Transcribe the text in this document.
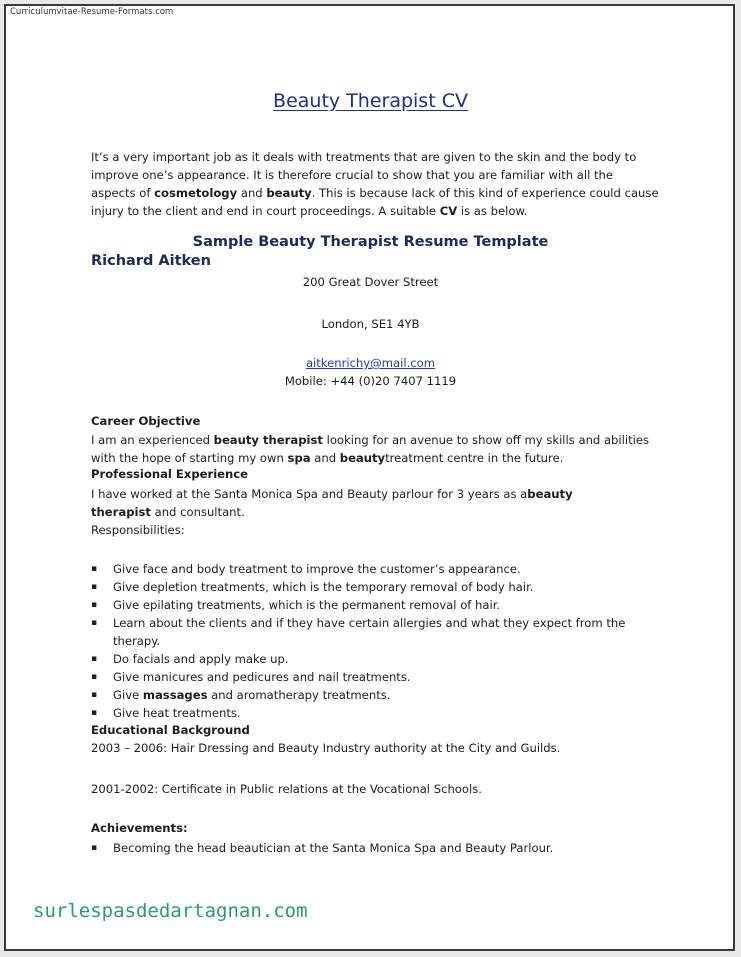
Curriculumvitae-Resume-Formats.com
Beauty Therapist CV
It’s a very important job as it deals with treatments that are given to the skin and the body to
improve one’s appearance. It is therefore crucial to show that you are familiar with all the
aspects of cosmetology and beauty. This is because lack of this kind of experience could cause
injury to the client and end in court proceedings. A suitable CV is as below.
Sample Beauty Therapist Resume Template
Richard Aitken
200 Great Dover Street
London, SE1 4YB
aitkenrichy@mail.com
Mobile: +44 (0)20 7407 1119
Career Objective
I am an experienced beauty therapist looking for an avenue to show off my skills and abilities
with the hope of starting my own spa and beautytreatment centre in the future.
Professional Experience
I have worked at the Santa Monica Spa and Beauty parlour for 3 years as abeauty
therapist and consultant.
Responsibilities:
▪ Give face and body treatment to improve the customer’s appearance.
▪ Give depletion treatments, which is the temporary removal of body hair.
▪ Give epilating treatments, which is the permanent removal of hair.
▪ Learn about the clients and if they have certain allergies and what they expect from the
therapy.
▪ Do facials and apply make up.
▪ Give manicures and pedicures and nail treatments.
▪ Give massages and aromatherapy treatments.
▪ Give heat treatments.
Educational Background
2003 – 2006: Hair Dressing and Beauty Industry authority at the City and Guilds.
2001-2002: Certificate in Public relations at the Vocational Schools.
Achievements:
▪ Becoming the head beautician at the Santa Monica Spa and Beauty Parlour.
surlespasdedartagnan.com
